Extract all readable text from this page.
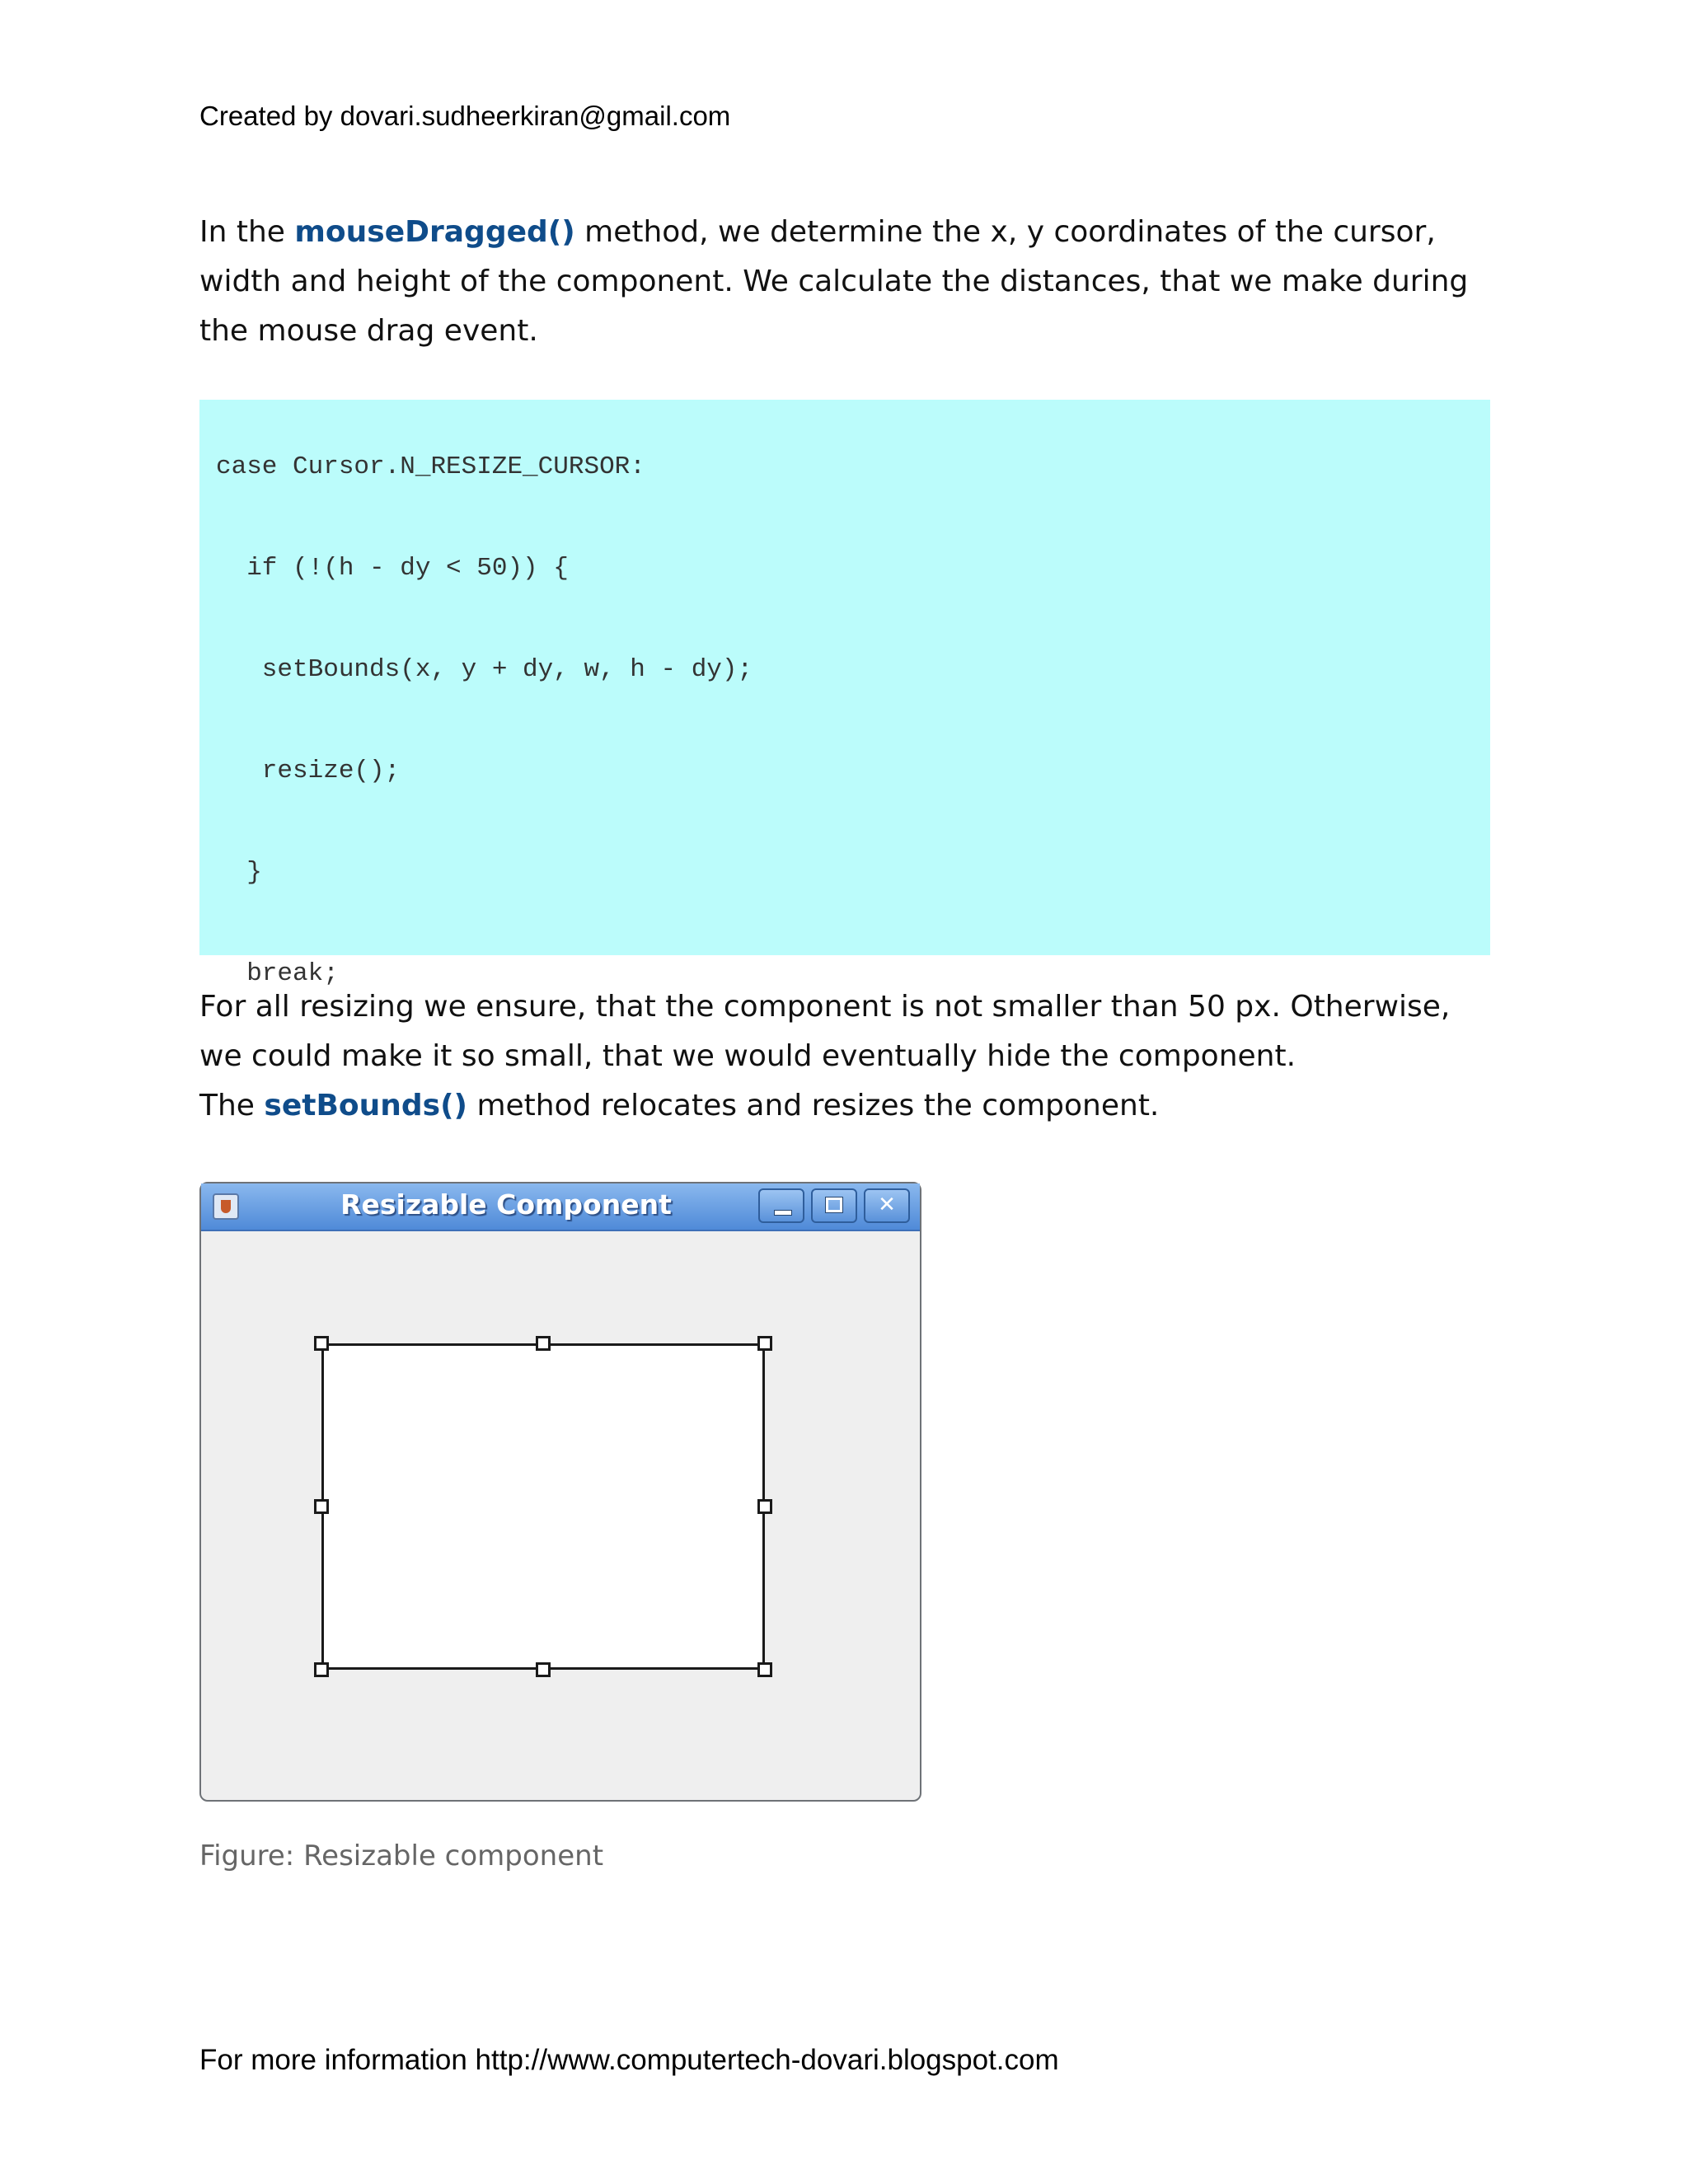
Created by dovari.sudheerkiran@gmail.com
In the mouseDragged() method, we determine the x, y coordinates of the cursor, width and height of the component. We calculate the distances, that we make during the mouse drag event.
case Cursor.N_RESIZE_CURSOR:
if (!(h - dy < 50)) {
setBounds(x, y + dy, w, h - dy);
resize();
}
break;
For all resizing we ensure, that the component is not smaller than 50 px. Otherwise, we could make it so small, that we would eventually hide the component.
The setBounds() method relocates and resizes the component.
Resizable Component	✕
Figure: Resizable component
For more information http://www.computertech-dovari.blogspot.com
